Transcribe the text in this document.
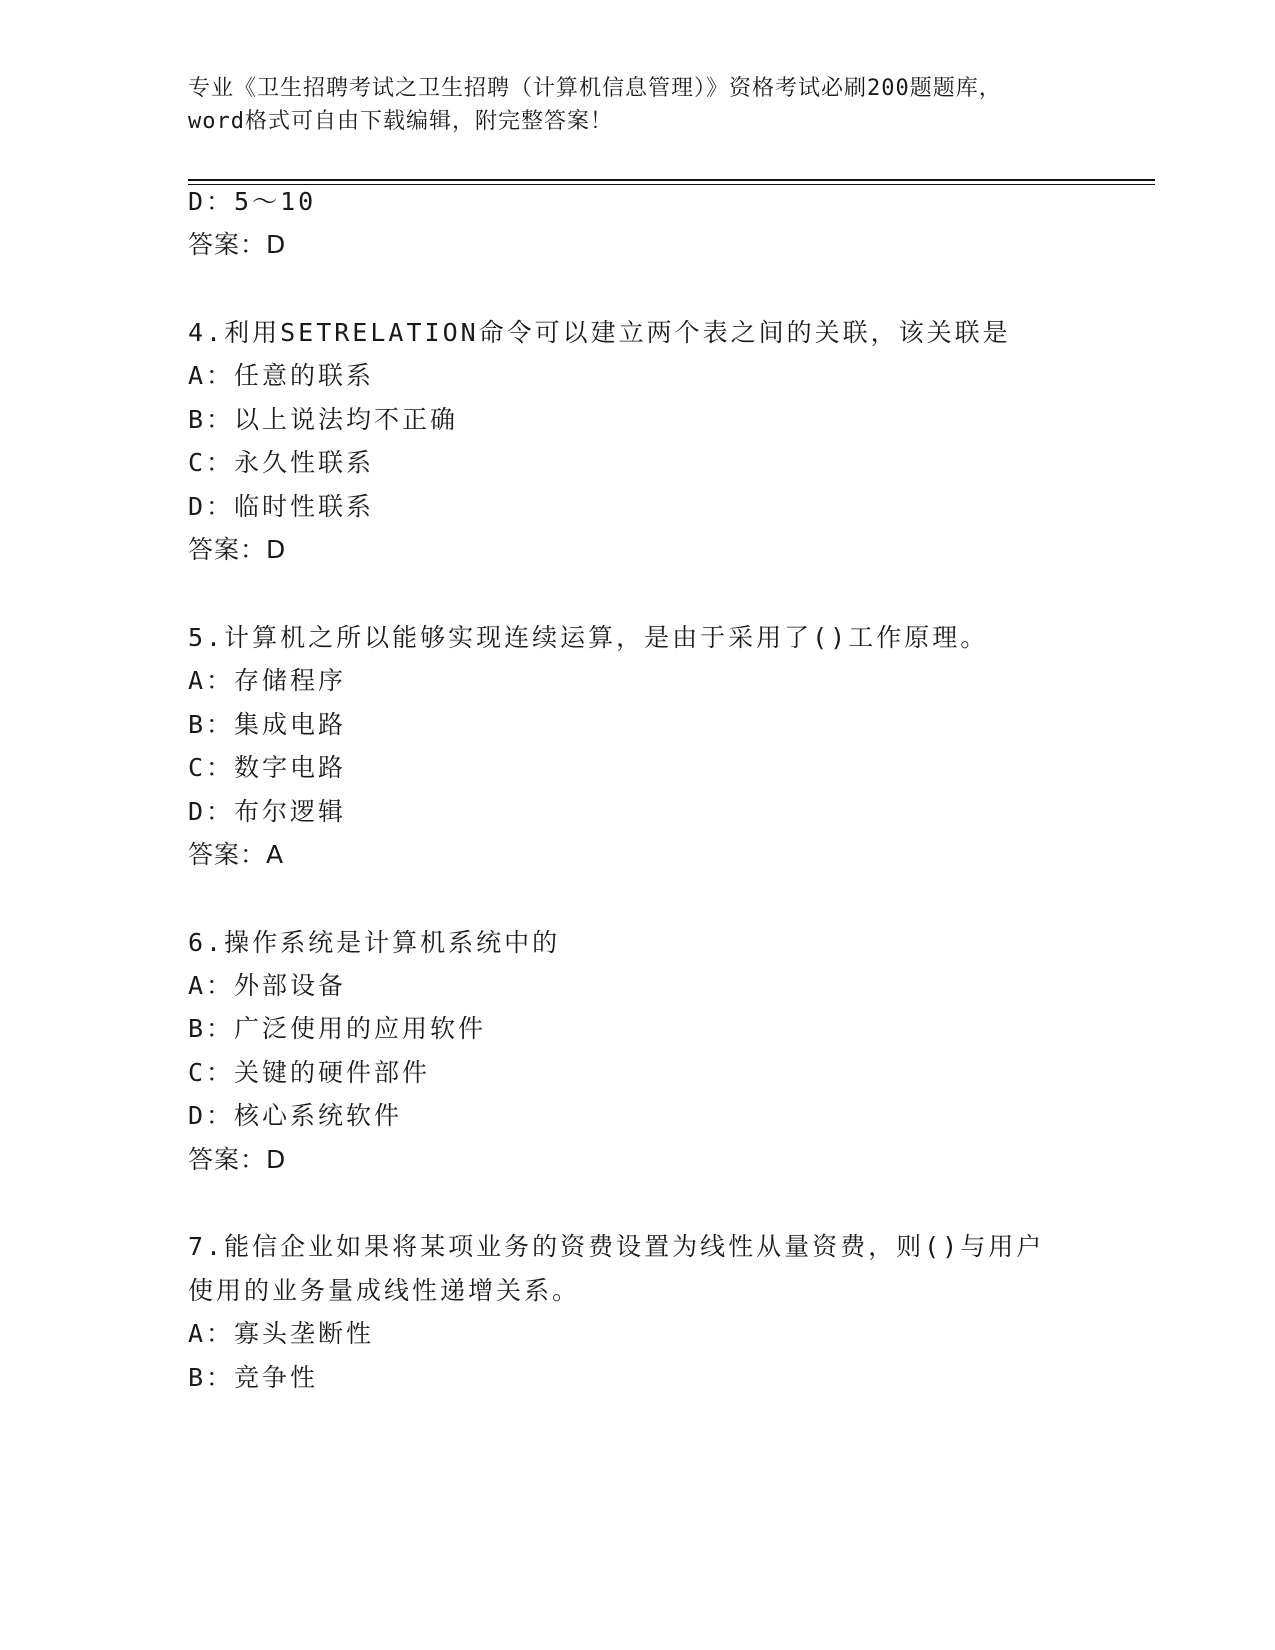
专业《卫生招聘考试之卫生招聘（计算机信息管理）》资格考试必刷200题题库，
word格式可自由下载编辑，附完整答案！
D：5～10
答案：D
4.利用SETRELATION命令可以建立两个表之间的关联，该关联是
A：任意的联系
B：以上说法均不正确
C：永久性联系
D：临时性联系
答案：D
5.计算机之所以能够实现连续运算，是由于采用了()工作原理。
A：存储程序
B：集成电路
C：数字电路
D：布尔逻辑
答案：A
6.操作系统是计算机系统中的
A：外部设备
B：广泛使用的应用软件
C：关键的硬件部件
D：核心系统软件
答案：D
7.能信企业如果将某项业务的资费设置为线性从量资费，则()与用户
使用的业务量成线性递增关系。
A：寡头垄断性
B：竞争性
